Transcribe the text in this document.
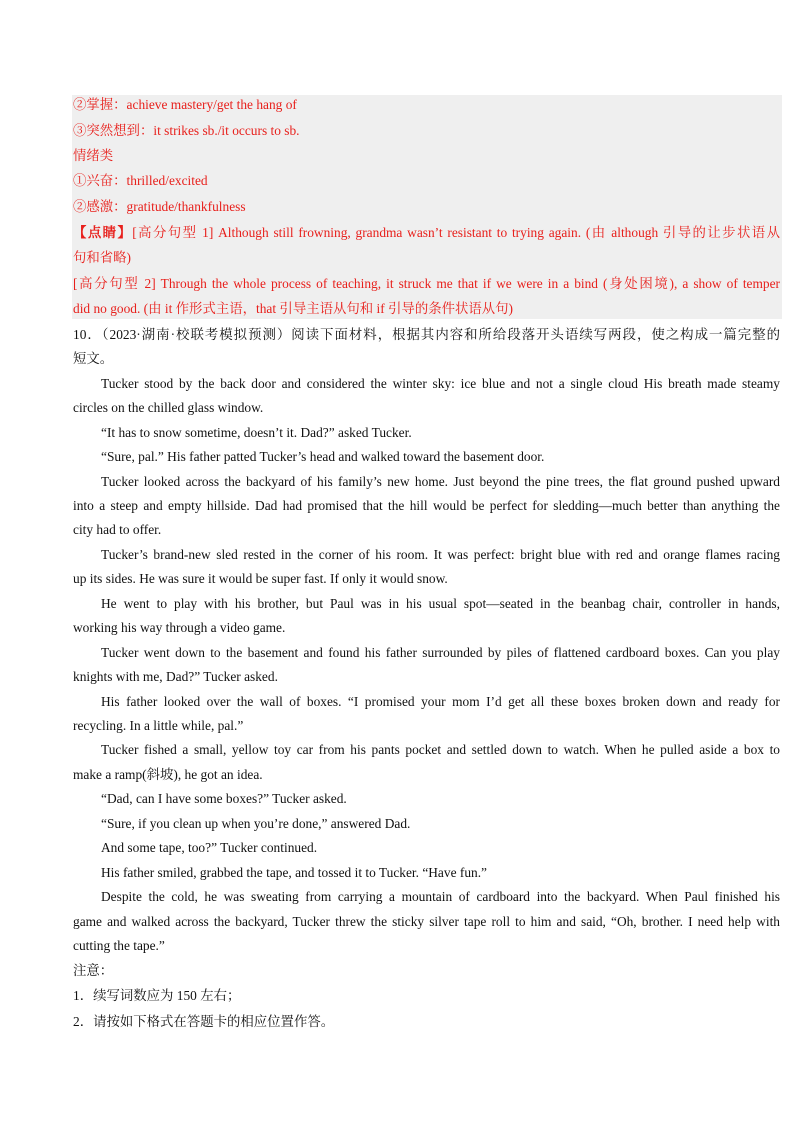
②掌握：achieve mastery/get the hang of
③突然想到：it strikes sb./it occurs to sb.
情绪类
①兴奋：thrilled/excited
②感激：gratitude/thankfulness
【点睛】[高分句型 1] Although still frowning, grandma wasn’t resistant to trying again. (由 although 引导的让步状语从
句和省略)
[高分句型 2] Through the whole process of teaching, it struck me that if we were in a bind (身处困境), a show of temper
did no good. (由 it 作形式主语，that 引导主语从句和 if 引导的条件状语从句)
10．（2023·湖南·校联考模拟预测）阅读下面材料，根据其内容和所给段落开头语续写两段，使之构成一篇完整的
短文。
Tucker stood by the back door and considered the winter sky: ice blue and not a single cloud His breath made steamy
circles on the chilled glass window.
“It has to snow sometime, doesn’t it. Dad?” asked Tucker.
“Sure, pal.” His father patted Tucker’s head and walked toward the basement door.
Tucker looked across the backyard of his family’s new home. Just beyond the pine trees, the flat ground pushed upward
into a steep and empty hillside. Dad had promised that the hill would be perfect for sledding—much better than anything the
city had to offer.
Tucker’s brand-new sled rested in the corner of his room. It was perfect: bright blue with red and orange flames racing
up its sides. He was sure it would be super fast. If only it would snow.
He went to play with his brother, but Paul was in his usual spot—seated in the beanbag chair, controller in hands,
working his way through a video game.
Tucker went down to the basement and found his father surrounded by piles of flattened cardboard boxes. Can you play
knights with me, Dad?” Tucker asked.
His father looked over the wall of boxes. “I promised your mom I’d get all these boxes broken down and ready for
recycling. In a little while, pal.”
Tucker fished a small, yellow toy car from his pants pocket and settled down to watch. When he pulled aside a box to
make a ramp(斜坡), he got an idea.
“Dad, can I have some boxes?” Tucker asked.
“Sure, if you clean up when you’re done,” answered Dad.
And some tape, too?” Tucker continued.
His father smiled, grabbed the tape, and tossed it to Tucker. “Have fun.”
Despite the cold, he was sweating from carrying a mountain of cardboard into the backyard. When Paul finished his
game and walked across the backyard, Tucker threw the sticky silver tape roll to him and said, “Oh, brother. I need help with
cutting the tape.”
注意：
1．续写词数应为 150 左右；
2．请按如下格式在答题卡的相应位置作答。
